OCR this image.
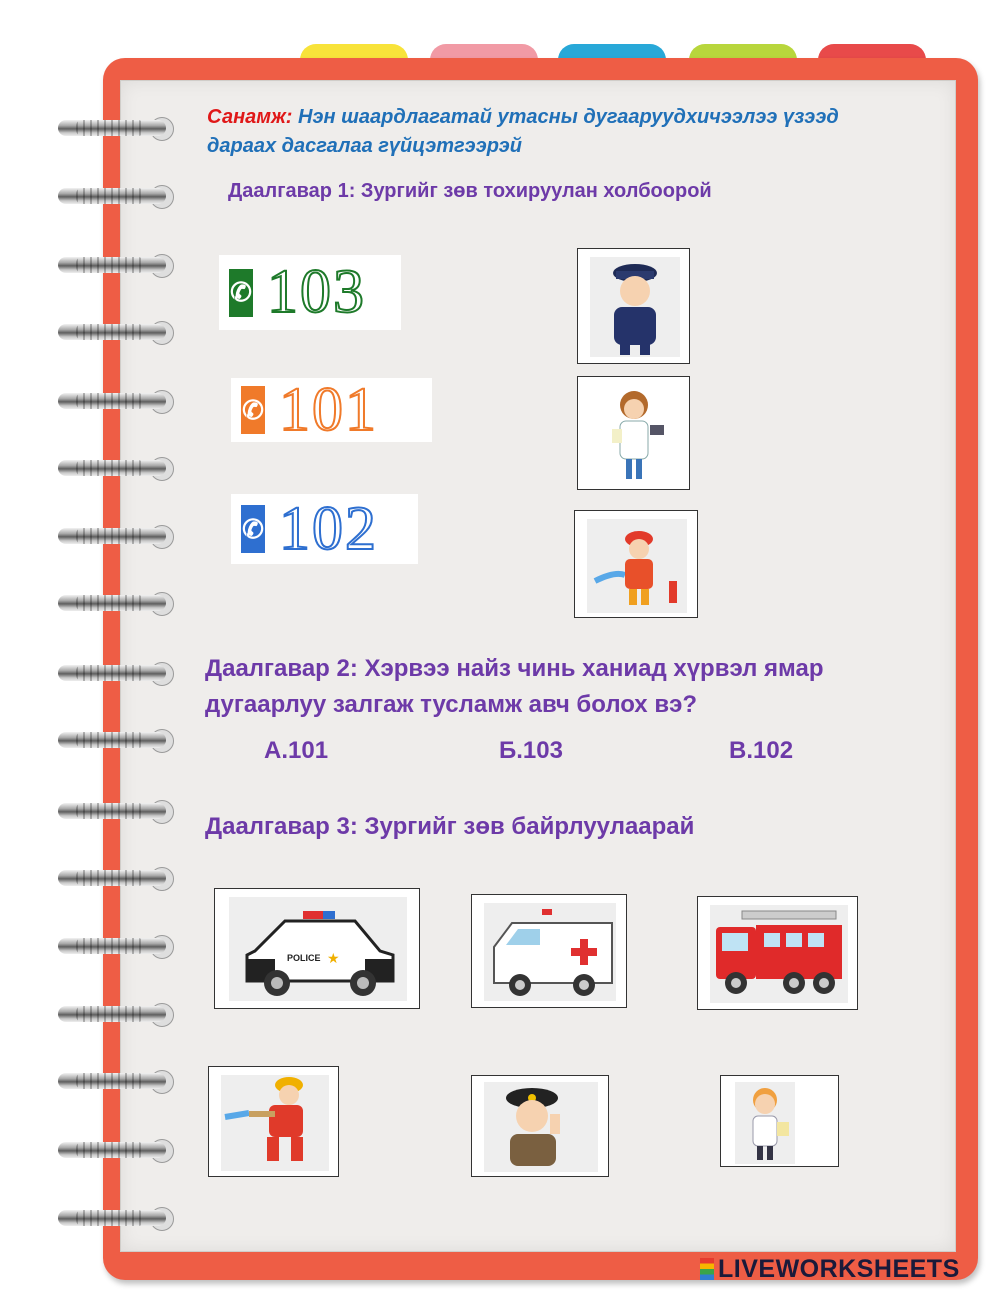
Санамж: Нэн шаардлагатай утасны дугааруудхичээлээ үзээд дараах дасгалаа гүйцэтгээрэй
Даалгавар 1: Зургийг зөв тохируулан холбоорой
✆ 103
✆ 101
✆ 102
Даалгавар 2: Хэрвээ найз чинь ханиад хүрвэл ямар дугаарлуу залгаж тусламж авч болох вэ?
А.101	Б.103	В.102
Даалгавар 3: Зургийг зөв байрлуулаарай
POLICE ★
LIVEWORKSHEETS
